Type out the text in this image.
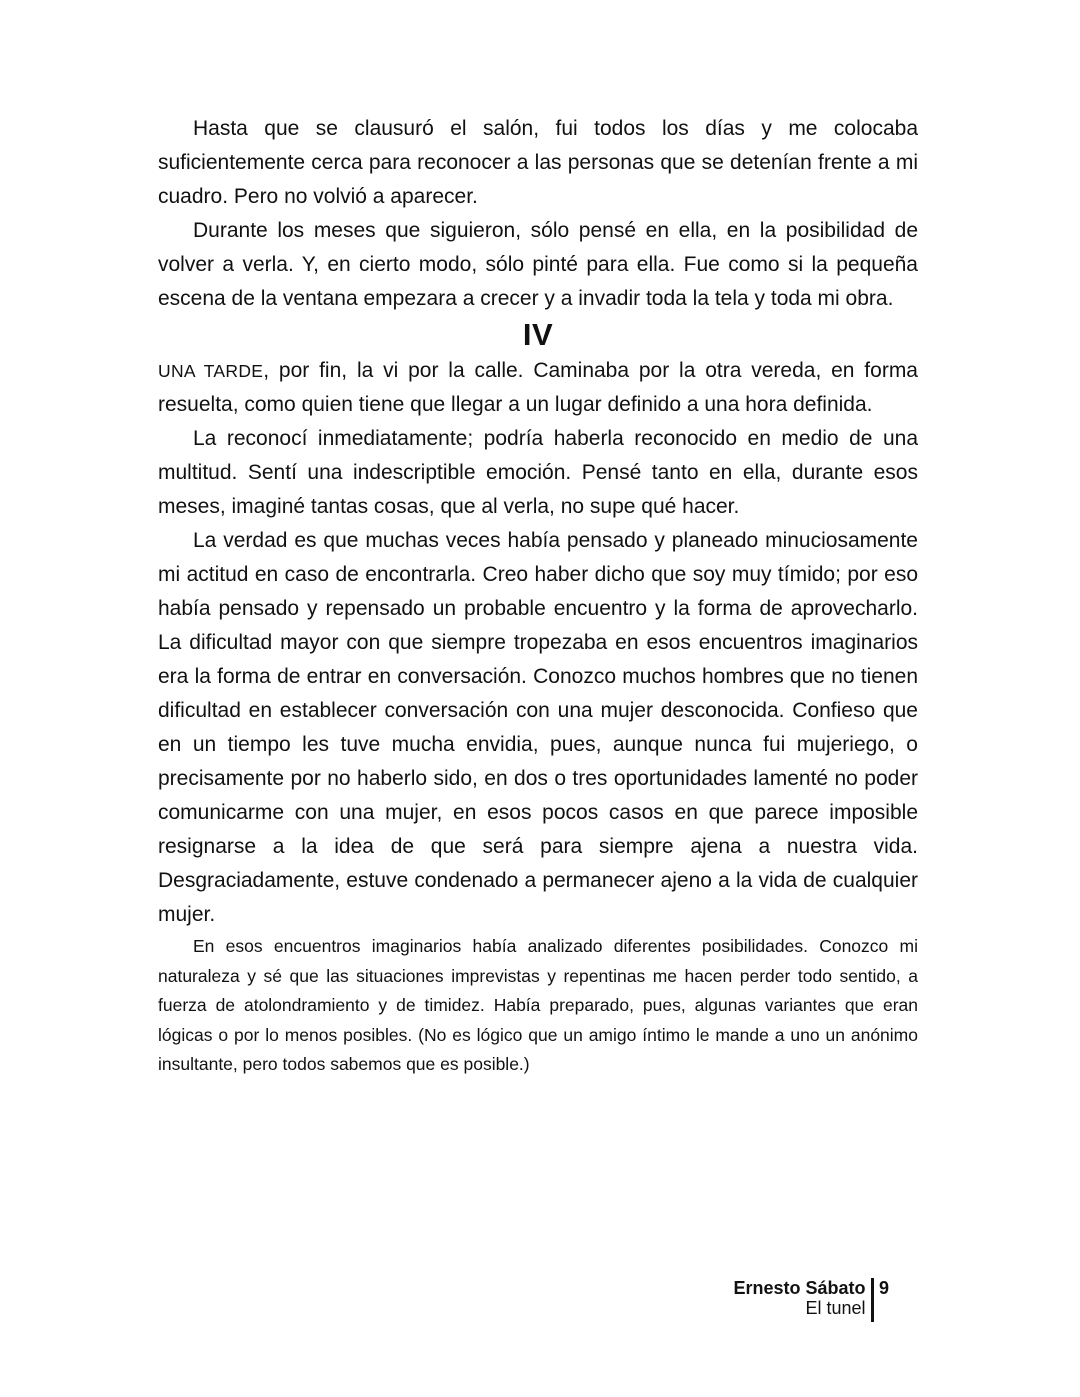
Hasta que se clausuró el salón, fui todos los días y me colocaba suficientemente cerca para reconocer a las personas que se detenían frente a mi cuadro. Pero no volvió a aparecer.

Durante los meses que siguieron, sólo pensé en ella, en la posibilidad de volver a verla. Y, en cierto modo, sólo pinté para ella. Fue como si la pequeña escena de la ventana empezara a crecer y a invadir toda la tela y toda mi obra.

IV

UNA TARDE, por fin, la vi por la calle. Caminaba por la otra vereda, en forma resuelta, como quien tiene que llegar a un lugar definido a una hora definida.

La reconocí inmediatamente; podría haberla reconocido en medio de una multitud. Sentí una indescriptible emoción. Pensé tanto en ella, durante esos meses, imaginé tantas cosas, que al verla, no supe qué hacer.

La verdad es que muchas veces había pensado y planeado minuciosamente mi actitud en caso de encontrarla. Creo haber dicho que soy muy tímido; por eso había pensado y repensado un probable encuentro y la forma de aprovecharlo. La dificultad mayor con que siempre tropezaba en esos encuentros imaginarios era la forma de entrar en conversación. Conozco muchos hombres que no tienen dificultad en establecer conversación con una mujer desconocida. Confieso que en un tiempo les tuve mucha envidia, pues, aunque nunca fui mujeriego, o precisamente por no haberlo sido, en dos o tres oportunidades lamenté no poder comunicarme con una mujer, en esos pocos casos en que parece imposible resignarse a la idea de que será para siempre ajena a nuestra vida. Desgraciadamente, estuve condenado a permanecer ajeno a la vida de cualquier mujer.

En esos encuentros imaginarios había analizado diferentes posibilidades. Conozco mi naturaleza y sé que las situaciones imprevistas y repentinas me hacen perder todo sentido, a fuerza de atolondramiento y de timidez. Había preparado, pues, algunas variantes que eran lógicas o por lo menos posibles. (No es lógico que un amigo íntimo le mande a uno un anónimo insultante, pero todos sabemos que es posible.)

Ernesto Sábato
El tunel
9
